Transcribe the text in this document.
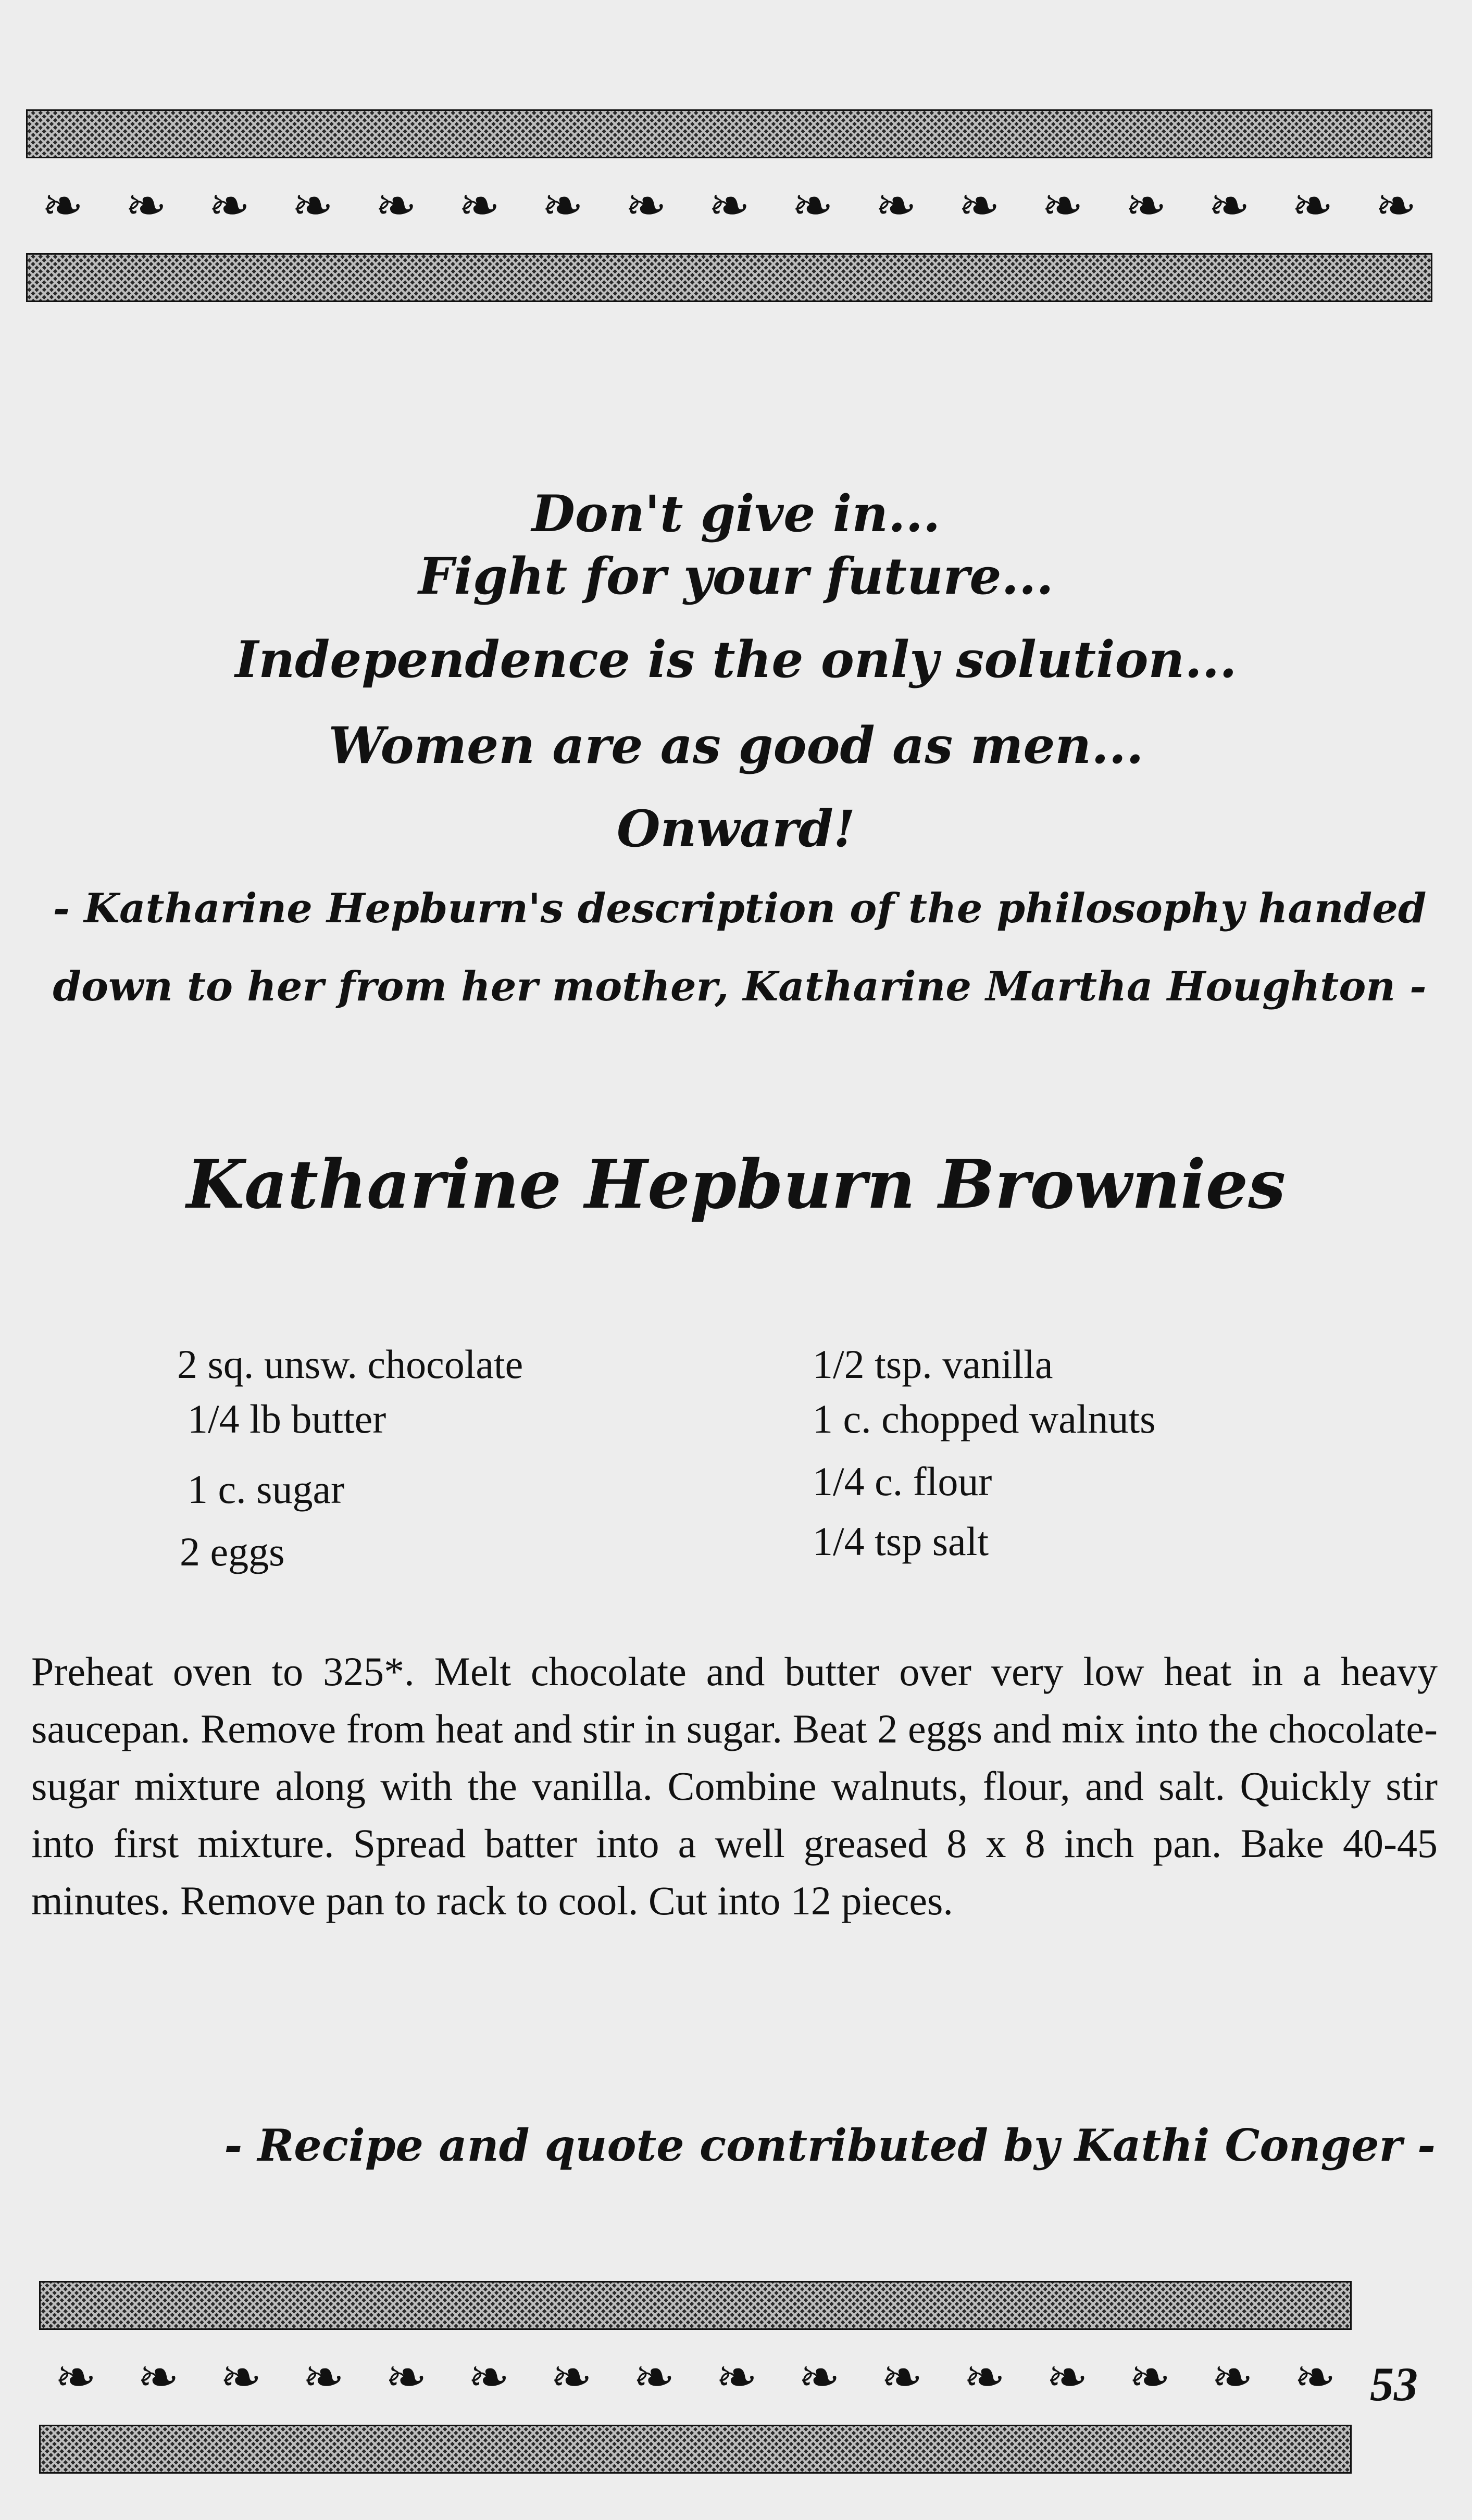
❧ ❧ ❧ ❧ ❧ ❧ ❧ ❧ ❧ ❧ ❧ ❧ ❧ ❧ ❧ ❧ ❧
Don't give in...
Fight for your future...
Independence is the only solution...
Women are as good as men...
Onward!
- Katharine Hepburn's description of the philosophy handed down to her from her mother, Katharine Martha Houghton -
Katharine Hepburn Brownies
2 sq. unsw. chocolate
1/4 lb butter
1 c. sugar
2 eggs
1/2 tsp. vanilla
1 c. chopped walnuts
1/4 c. flour
1/4 tsp salt
Preheat oven to 325*. Melt chocolate and butter over very low heat in a heavy saucepan. Remove from heat and stir in sugar. Beat 2 eggs and mix into the chocolate-sugar mixture along with the vanilla. Combine walnuts, flour, and salt. Quickly stir into first mixture. Spread batter into a well greased 8 x 8 inch pan. Bake 40-45 minutes. Remove pan to rack to cool. Cut into 12 pieces.
- Recipe and quote contributed by Kathi Conger -
❧ ❧ ❧ ❧ ❧ ❧ ❧ ❧ ❧ ❧ ❧ ❧ ❧ ❧ ❧ ❧ 53
